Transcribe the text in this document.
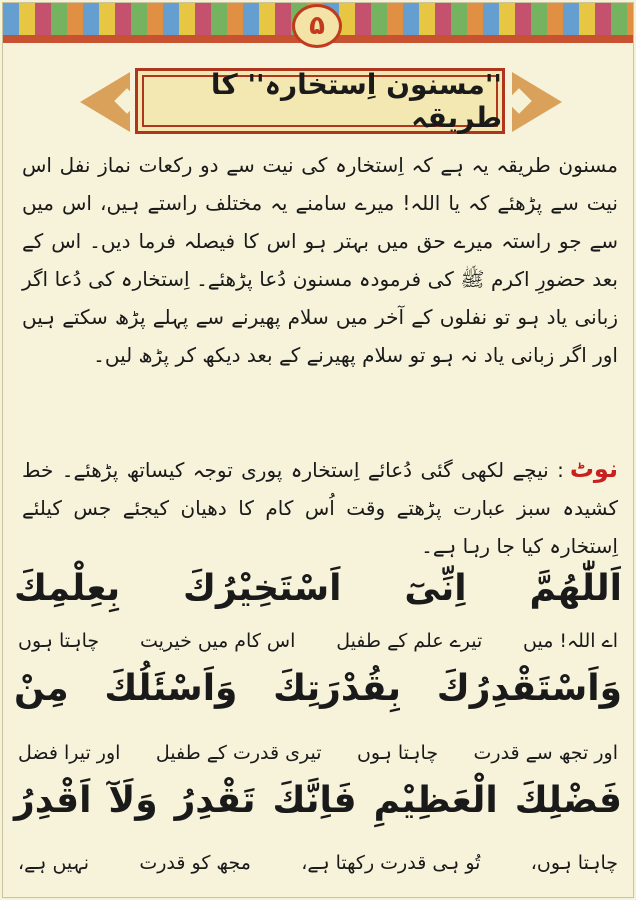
۵
''مسنون اِستخارہ'' کا طریقہ

مسنون طریقہ یہ ہے کہ اِستخارہ کی نیت سے دو رکعات نماز نفل اس نیت سے پڑھئے کہ یا اللہ! میرے سامنے یہ مختلف راستے ہیں، اس میں سے جو راستہ میرے حق میں بہتر ہو اس کا فیصلہ فرما دیں۔ اس کے بعد حضورِ اکرم ﷺ کی فرمودہ مسنون دُعا پڑھئے۔ اِستخارہ کی دُعا اگر زبانی یاد ہو تو نفلوں کے آخر میں سلام پھیرنے سے پہلے پڑھ سکتے ہیں اور اگر زبانی یاد نہ ہو تو سلام پھیرنے کے بعد دیکھ کر پڑھ لیں۔

نوٹ: نیچے لکھی گئی دُعائے اِستخارہ پوری توجہ کیساتھ پڑھئے۔ خط کشیدہ سبز عبارت پڑھتے وقت اُس کام کا دھیان کیجئے جس کیلئے اِستخارہ کیا جا رہا ہے۔
اَللّٰهُمَّ
اِنِّیٓ
اَسْتَخِیْرُكَ
بِعِلْمِكَ
اے اللہ! میں
تیرے علم کے طفیل
اس کام میں خیریت
چاہتا ہوں
وَاَسْتَقْدِرُكَ
بِقُدْرَتِكَ
وَاَسْئَلُكَ
مِنْ
اور تجھ سے قدرت
چاہتا ہوں
تیری قدرت کے طفیل
اور تیرا فضل
فَضْلِكَ
الْعَظِیْمِ
فَاِنَّكَ
تَقْدِرُ
وَلَآ
اَقْدِرُ
چاہتا ہوں،
تُو ہی قدرت رکھتا ہے،
مجھ کو قدرت
نہیں ہے،
